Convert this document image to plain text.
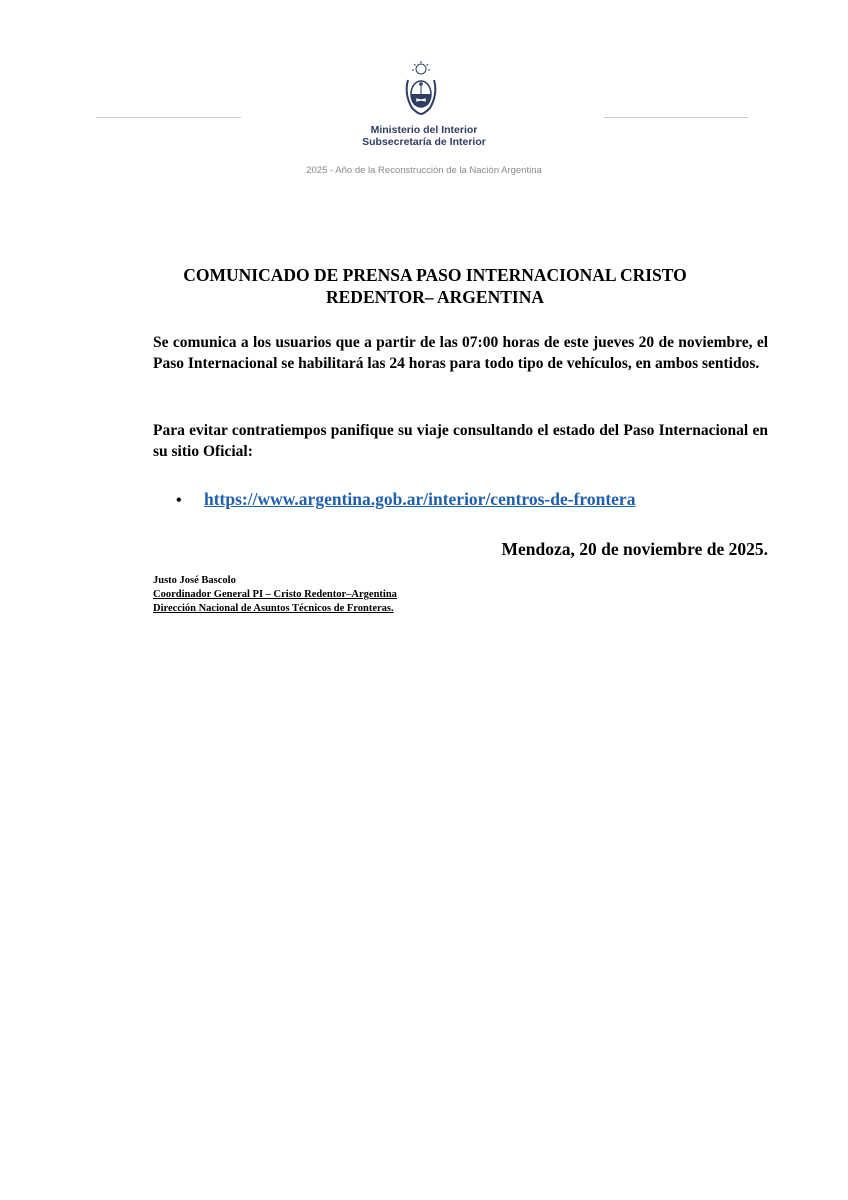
Ministerio del Interior
Subsecretaría de Interior
2025 - Año de la Reconstrucción de la Nación Argentina
COMUNICADO DE PRENSA PASO INTERNACIONAL CRISTO
REDENTOR– ARGENTINA

Se comunica a los usuarios que a partir de las 07:00 horas de este jueves 20 de noviembre, el Paso Internacional se habilitará las 24 horas para todo tipo de vehículos, en ambos sentidos.

Para evitar contratiempos panifique su viaje consultando el estado del Paso Internacional en su sitio Oficial:

• https://www.argentina.gob.ar/interior/centros-de-frontera
Mendoza, 20 de noviembre de 2025.
Justo José Bascolo
Coordinador General PI – Cristo Redentor–Argentina
Dirección Nacional de Asuntos Técnicos de Fronteras.
